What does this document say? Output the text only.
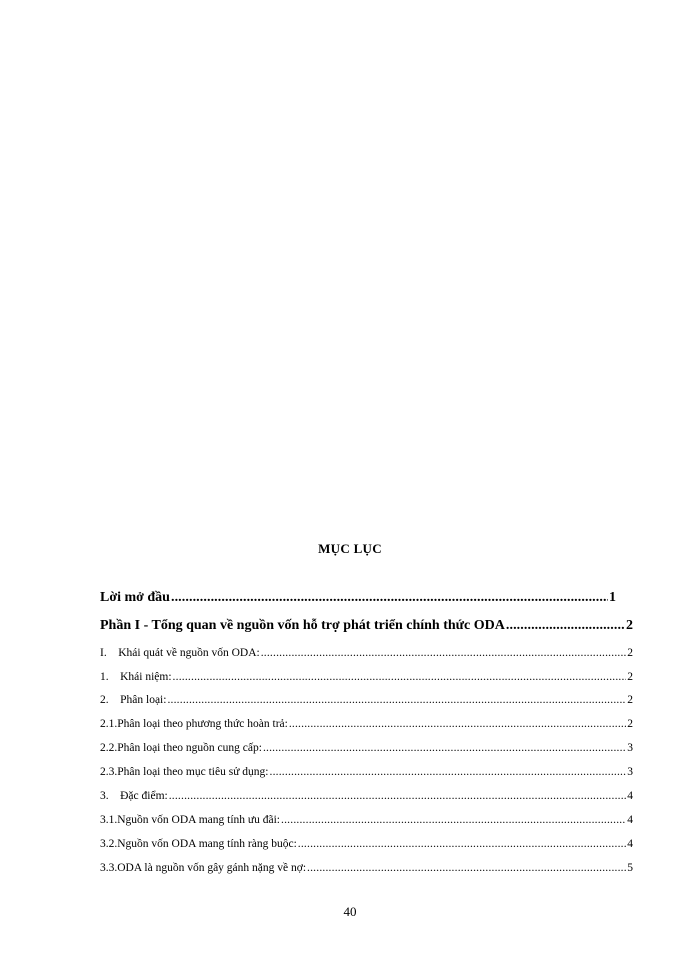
MỤC LỤC
Lời mở đầu .....	1
Phần I - Tổng quan về nguồn vốn hỗ trợ phát triển chính thức ODA .....	2
I.    Khái quát về nguồn vốn ODA: .....	2
1.    Khái niệm: .....	2
2.    Phân loại: .....	2
2.1.Phân loại theo phương thức hoàn trả: .....	2
2.2.Phân loại theo nguồn cung cấp: .....	3
2.3.Phân loại theo mục tiêu sử dụng: .....	3
3.    Đặc điểm: .....	4
3.1.Nguồn vốn ODA mang tính ưu đãi: .....	4
3.2.Nguồn vốn ODA mang tính ràng buộc: .....	4
3.3.ODA là nguồn vốn gây gánh nặng về nợ: .....	5
40
